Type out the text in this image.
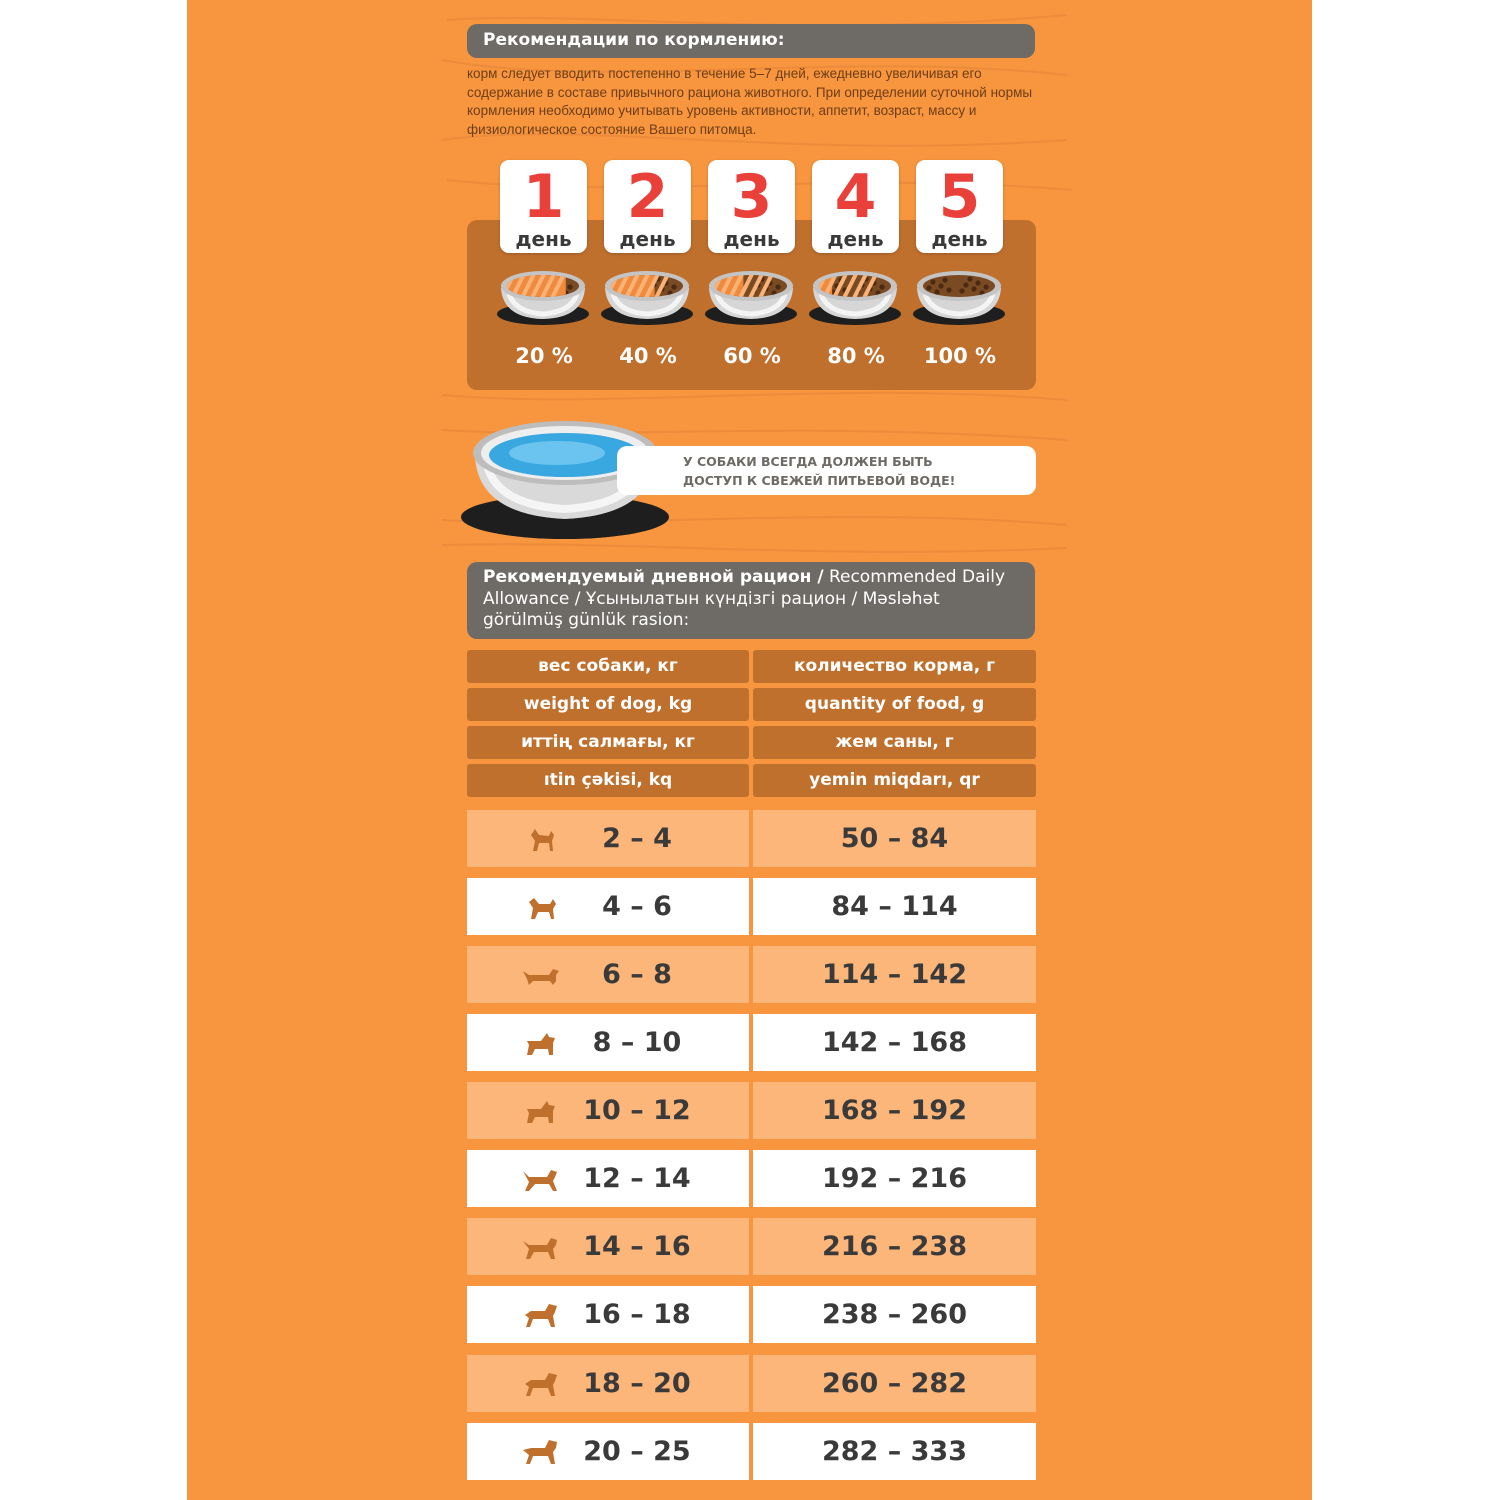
Рекомендации по кормлению:
корм следует вводить постепенно в течение 5–7 дней, ежедневно увеличивая его содержание в составе привычного рациона животного. При определении суточной нормы кормления необходимо учитывать уровень активности, аппетит, возраст, массу и физиологическое состояние Вашего питомца.
1
день
20 %
2
день
40 %
3
день
60 %
4
день
80 %
5
день
100 %
У СОБАКИ ВСЕГДА ДОЛЖЕН БЫТЬ
ДОСТУП К СВЕЖЕЙ ПИТЬЕВОЙ ВОДЕ!
Рекомендуемый дневной рацион / Recommended Daily Allowance / Ұсынылатын күндізгі рацион / Məsləhət görülmüş günlük rasion:
вес собаки, кг	количество корма, г
weight of dog, kg	quantity of food, g
иттің салмағы, кг	жем саны, г
ıtin çəkisi, kq	yemin miqdarı, qr
2 – 4	50 – 84
4 – 6	84 – 114
6 – 8	114 – 142
8 – 10	142 – 168
10 – 12	168 – 192
12 – 14	192 – 216
14 – 16	216 – 238
16 – 18	238 – 260
18 – 20	260 – 282
20 – 25	282 – 333
